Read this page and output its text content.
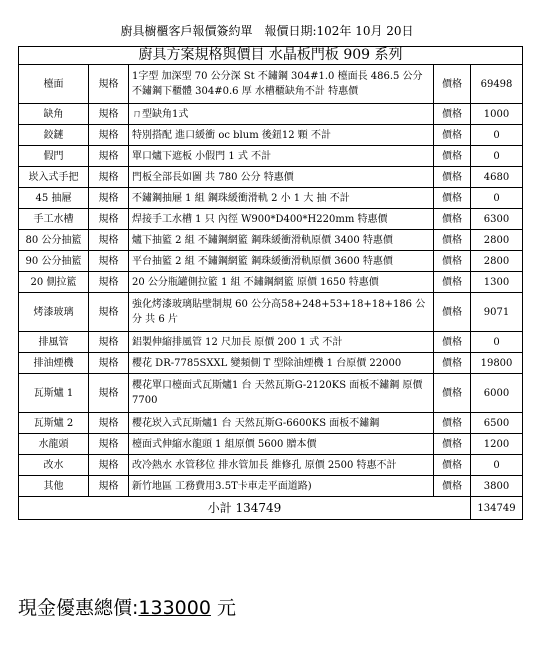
廚具櫥櫃客戶報價簽約單　報價日期:102年 10月 20日
廚具方案規格與價目 水晶板門板 909 系列				
檯面	規格	1字型 加深型 70 公分深 St 不鏽鋼 304#1.0 檯面長 486.5 公分 不鏽鋼下櫃體 304#0.6 厚 水槽櫃缺角不計 特惠價	價格	69498
缺角	規格	ㄇ型缺角1式	價格	1000
鉸鏈	規格	特別搭配 進口緩衝 oc blum 後鈕12 顆 不計	價格	0
假門	規格	單口爐下遮板 小假門 1 式 不計	價格	0
崁入式手把	規格	門板全部長如圖 共 780 公分 特惠價	價格	4680
45 抽屜	規格	不鏽鋼抽屜 1 組 鋼珠緩衝滑軌 2 小 1 大 抽 不計	價格	0
手工水槽	規格	焊接手工水槽 1 只 內徑 W900*D400*H220mm 特惠價	價格	6300
80 公分抽籃	規格	爐下抽籃 2 組 不鏽鋼網籃 鋼珠緩衝滑軌原價 3400 特惠價	價格	2800
90 公分抽籃	規格	平台抽籃 2 組 不鏽鋼網籃 鋼珠緩衝滑軌原價 3600 特惠價	價格	2800
20 側拉籃	規格	20 公分瓶罐側拉籃 1 組 不鏽鋼網籃 原價 1650 特惠價	價格	1300
烤漆玻璃	規格	強化烤漆玻璃貼壁制規 60 公分高58+248+53+18+18+186 公分 共 6 片	價格	9071
排風管	規格	鋁製伸縮排風管 12 尺加長 原價 200 1 式 不計	價格	0
排油煙機	規格	櫻花 DR-7785SXXL 變頻側 T 型除油煙機 1 台原價 22000	價格	19800
瓦斯爐 1	規格	櫻花單口檯面式瓦斯爐1 台 天然瓦斯G-2120KS 面板不鏽鋼 原價 7700	價格	6000
瓦斯爐 2	規格	櫻花崁入式瓦斯爐1 台 天然瓦斯G-6600KS 面板不鏽鋼	價格	6500
水龍頭	規格	檯面式伸縮水龍頭 1 組原價 5600 贈本價	價格	1200
改水	規格	改冷熱水 水管移位 排水管加長 維修孔 原價 2500 特惠不計	價格	0
其他	規格	新竹地區 工務費用3.5T卡車走平面道路)	價格	3800
小計 134749				134749
現金優惠總價:133000 元
